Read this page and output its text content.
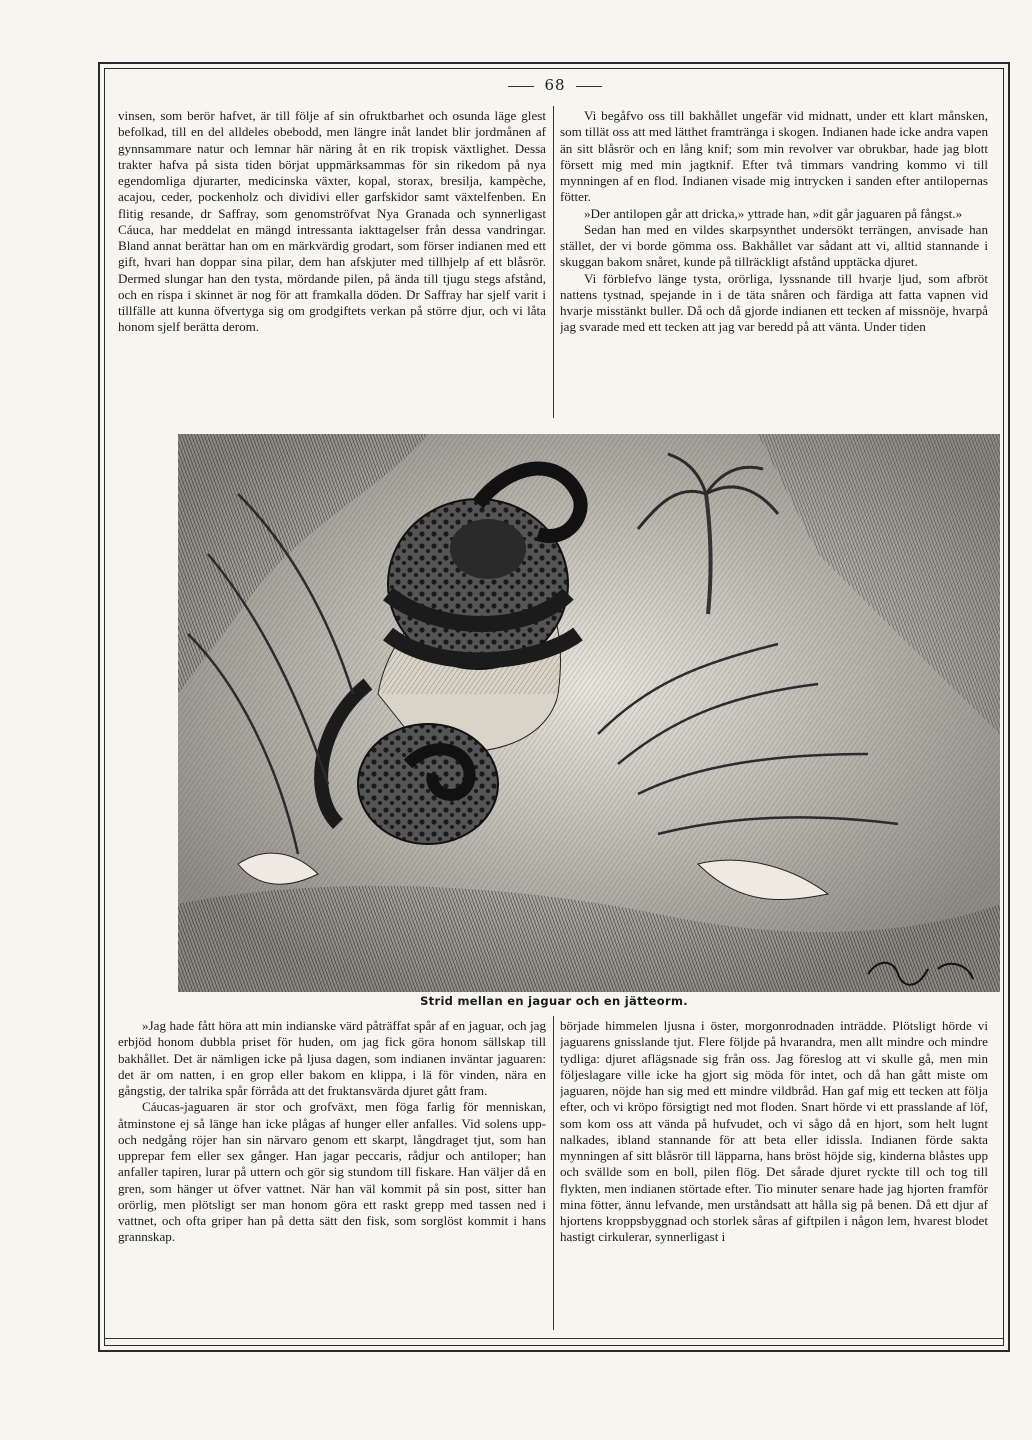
68

vinsen, som berör hafvet, är till följe af sin ofruktbarhet och osunda läge glest befolkad, till en del alldeles obebodd, men längre inåt landet blir jordmånen af gynnsammare natur och lemnar här näring åt en rik tropisk växtlighet. Dessa trakter hafva på sista tiden börjat uppmärksammas för sin rikedom på nya egendomliga djurarter, medicinska växter, kopal, storax, bresilja, kampèche, acajou, ceder, pockenholz och dividivi eller garfskidor samt växtelfenben. En flitig resande, dr Saffray, som genomströfvat Nya Granada och synnerligast Cáuca, har meddelat en mängd intressanta iakttagelser från dessa vandringar. Bland annat berättar han om en märkvärdig grodart, som förser indianen med ett gift, hvari han doppar sina pilar, dem han afskjuter med tillhjelp af ett blåsrör. Dermed slungar han den tysta, mördande pilen, på ända till tjugu stegs afstånd, och en rispa i skinnet är nog för att framkalla döden. Dr Saffray har sjelf varit i tillfälle att kunna öfvertyga sig om grodgiftets verkan på större djur, och vi låta honom sjelf berätta derom.

Vi begåfvo oss till bakhållet ungefär vid midnatt, under ett klart månsken, som tillät oss att med lätthet framtränga i skogen. Indianen hade icke andra vapen än sitt blåsrör och en lång knif; som min revolver var obrukbar, hade jag blott försett mig med min jagtknif. Efter två timmars vandring kommo vi till mynningen af en flod. Indianen visade mig intrycken i sanden efter antilopernas fötter.

»Der antilopen går att dricka,» yttrade han, »dit går jaguaren på fångst.»

Sedan han med en vildes skarpsynthet undersökt terrängen, anvisade han stället, der vi borde gömma oss. Bakhållet var sådant att vi, alltid stannande i skuggan bakom snåret, kunde på tillräckligt afstånd upptäcka djuret.

Vi förblefvo länge tysta, orörliga, lyssnande till hvarje ljud, som afbröt nattens tystnad, spejande in i de täta snåren och färdiga att fatta vapnen vid hvarje misstänkt buller. Då och då gjorde indianen ett tecken af missnöje, hvarpå jag svarade med ett tecken att jag var beredd på att vänta. Under tiden

Strid mellan en jaguar och en jätteorm.

»Jag hade fått höra att min indianske värd påträffat spår af en jaguar, och jag erbjöd honom dubbla priset för huden, om jag fick göra honom sällskap till bakhållet. Det är nämligen icke på ljusa dagen, som indianen inväntar jaguaren: det är om natten, i en grop eller bakom en klippa, i lä för vinden, nära en gångstig, der talrika spår förråda att det fruktansvärda djuret gått fram.

Cáucas-jaguaren är stor och grofväxt, men föga farlig för menniskan, åtminstone ej så länge han icke plågas af hunger eller anfalles. Vid solens upp- och nedgång röjer han sin närvaro genom ett skarpt, långdraget tjut, som han upprepar fem eller sex gånger. Han jagar peccaris, rådjur och antiloper; han anfaller tapiren, lurar på uttern och gör sig stundom till fiskare. Han väljer då en gren, som hänger ut öfver vattnet. När han väl kommit på sin post, sitter han orörlig, men plötsligt ser man honom göra ett raskt grepp med tassen ned i vattnet, och ofta griper han på detta sätt den fisk, som sorglöst kommit i hans grannskap.

började himmelen ljusna i öster, morgonrodnaden inträdde. Plötsligt hörde vi jaguarens gnisslande tjut. Flere följde på hvarandra, men allt mindre och mindre tydliga: djuret aflägsnade sig från oss. Jag föreslog att vi skulle gå, men min följeslagare ville icke ha gjort sig möda för intet, och då han gått miste om jaguaren, nöjde han sig med ett mindre vildbråd. Han gaf mig ett tecken att följa efter, och vi kröpo försigtigt ned mot floden. Snart hörde vi ett prasslande af löf, som kom oss att vända på hufvudet, och vi sågo då en hjort, som helt lugnt nalkades, ibland stannande för att beta eller idissla. Indianen förde sakta mynningen af sitt blåsrör till läpparna, hans bröst höjde sig, kinderna blåstes upp och svällde som en boll, pilen flög. Det sårade djuret ryckte till och tog till flykten, men indianen störtade efter. Tio minuter senare hade jag hjorten framför mina fötter, ännu lefvande, men urståndsatt att hålla sig på benen. Då ett djur af hjortens kroppsbyggnad och storlek såras af giftpilen i någon lem, hvarest blodet hastigt cirkulerar, synnerligast i
